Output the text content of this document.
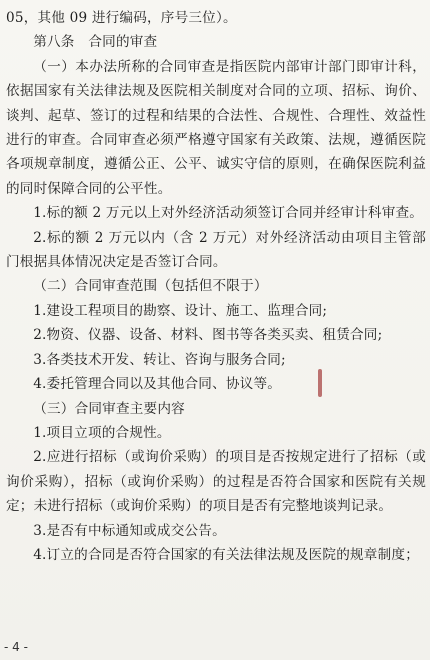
05，其他 09 进行编码，序号三位）。

第八条　合同的审查

（一）本办法所称的合同审查是指医院内部审计部门即审计科，依据国家有关法律法规及医院相关制度对合同的立项、招标、询价、谈判、起草、签订的过程和结果的合法性、合规性、合理性、效益性进行的审查。合同审查必须严格遵守国家有关政策、法规，遵循医院各项规章制度，遵循公正、公平、诚实守信的原则，在确保医院利益的同时保障合同的公平性。

1.标的额 2 万元以上对外经济活动须签订合同并经审计科审查。

2.标的额 2 万元以内（含 2 万元）对外经济活动由项目主管部门根据具体情况决定是否签订合同。

（二）合同审查范围（包括但不限于）

1.建设工程项目的勘察、设计、施工、监理合同;

2.物资、仪器、设备、材料、图书等各类买卖、租赁合同;

3.各类技术开发、转让、咨询与服务合同;

4.委托管理合同以及其他合同、协议等。

（三）合同审查主要内容

1.项目立项的合规性。

2.应进行招标（或询价采购）的项目是否按规定进行了招标（或询价采购），招标（或询价采购）的过程是否符合国家和医院有关规定；未进行招标（或询价采购）的项目是否有完整地谈判记录。

3.是否有中标通知或成交公告。

4.订立的合同是否符合国家的有关法律法规及医院的规章制度；

- 4 -
